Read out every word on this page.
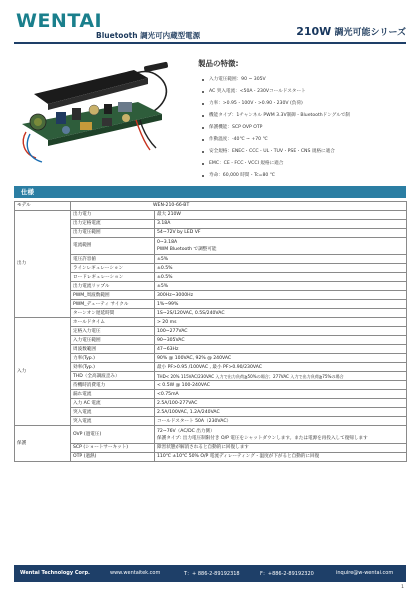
WENTAI
Bluetooth 調光可内蔵型電源	210W 調光可能シリーズ
製品の特徴:
入力電圧範囲：90 ~ 305V
AC 突入電流：<50A・230Vコールドスタート
力率：>0.95・100V・>0.90・230V (負荷)
機能タイプ：1チャンネル PWM 3.3V制御・Bluetoothドングルで制
保護機能：SCP OVP OTP
作動温度：-40℃ ~ +70 ℃
安全規格：ENEC・CCC・UL・TUV・PSE・CNS 規格に適合
EMC：CE・FCC・VCCI 規格に適合
寿命：60,000 時間・Tc=80 ℃
仕様
モデル	WEN-210-66-BT	
出力	出力電力	最大 210W
	出力定格電流	3.18A
	出力電圧範囲	54~72V by LED VF
	電流範囲	0~3.18A
PWM Bluetooth で調整可能

	電圧許容値	±5%
	ラインレギュレーション	±0.5%
	ロードレギュレーション	±0.5%
	出力電流リップル	±5%
	PWM_周波数範囲	300Hz~3000Hz
	PWM_デューティ サイクル	1%~99%
	ターンオン遅延時間	1S~2S/120VAC, 0.5S/240VAC
入力	ホールドタイム	> 20 ms
	定格入力電圧	100~277VAC
	入力電圧範囲	90~305VAC
	周波数範囲	47~63Hz
	力率(Typ.)	90% @ 100VAC, 92% @ 240VAC
	効率(Typ.)	最小 PF>0.95 /100VAC , 最小 PF>0.90/230VAC
	THD（全高調波歪み）	THD< 20% 115VAC/230VAC 入力で出力負荷≧50%の場合；277VAC 入力で出力負荷≧75%の場合
	待機時消費電力	< 0.5W @ 100-240VAC
	漏れ電流	<0.75mA
	入力 AC 電流	2.5A/100-277VAC
	突入電流	2.5A/100VAC, 1.2A/240VAC
	突入電流	コールドスタート 50A（230VAC）
保護	OVP (過電圧)	72~76V（AC/DC 出力側）
保護タイプ: 出力電圧制限付き O/P 電圧をシャットダウンします。または電源を再投入して復帰します

	SCP (ショートサーキット)	障害状態が解消されると自動的に回復します
	OTP (過熱)	110℃ ±10℃ 50% O/P 電流ディレーティング・温度が下がると自動的に回復
Wentai Technology Corp.	www.wentaitek.com	T：+ 886-2-89192318	F：+886-2-89192320	inquire@w-wentai.com
1
